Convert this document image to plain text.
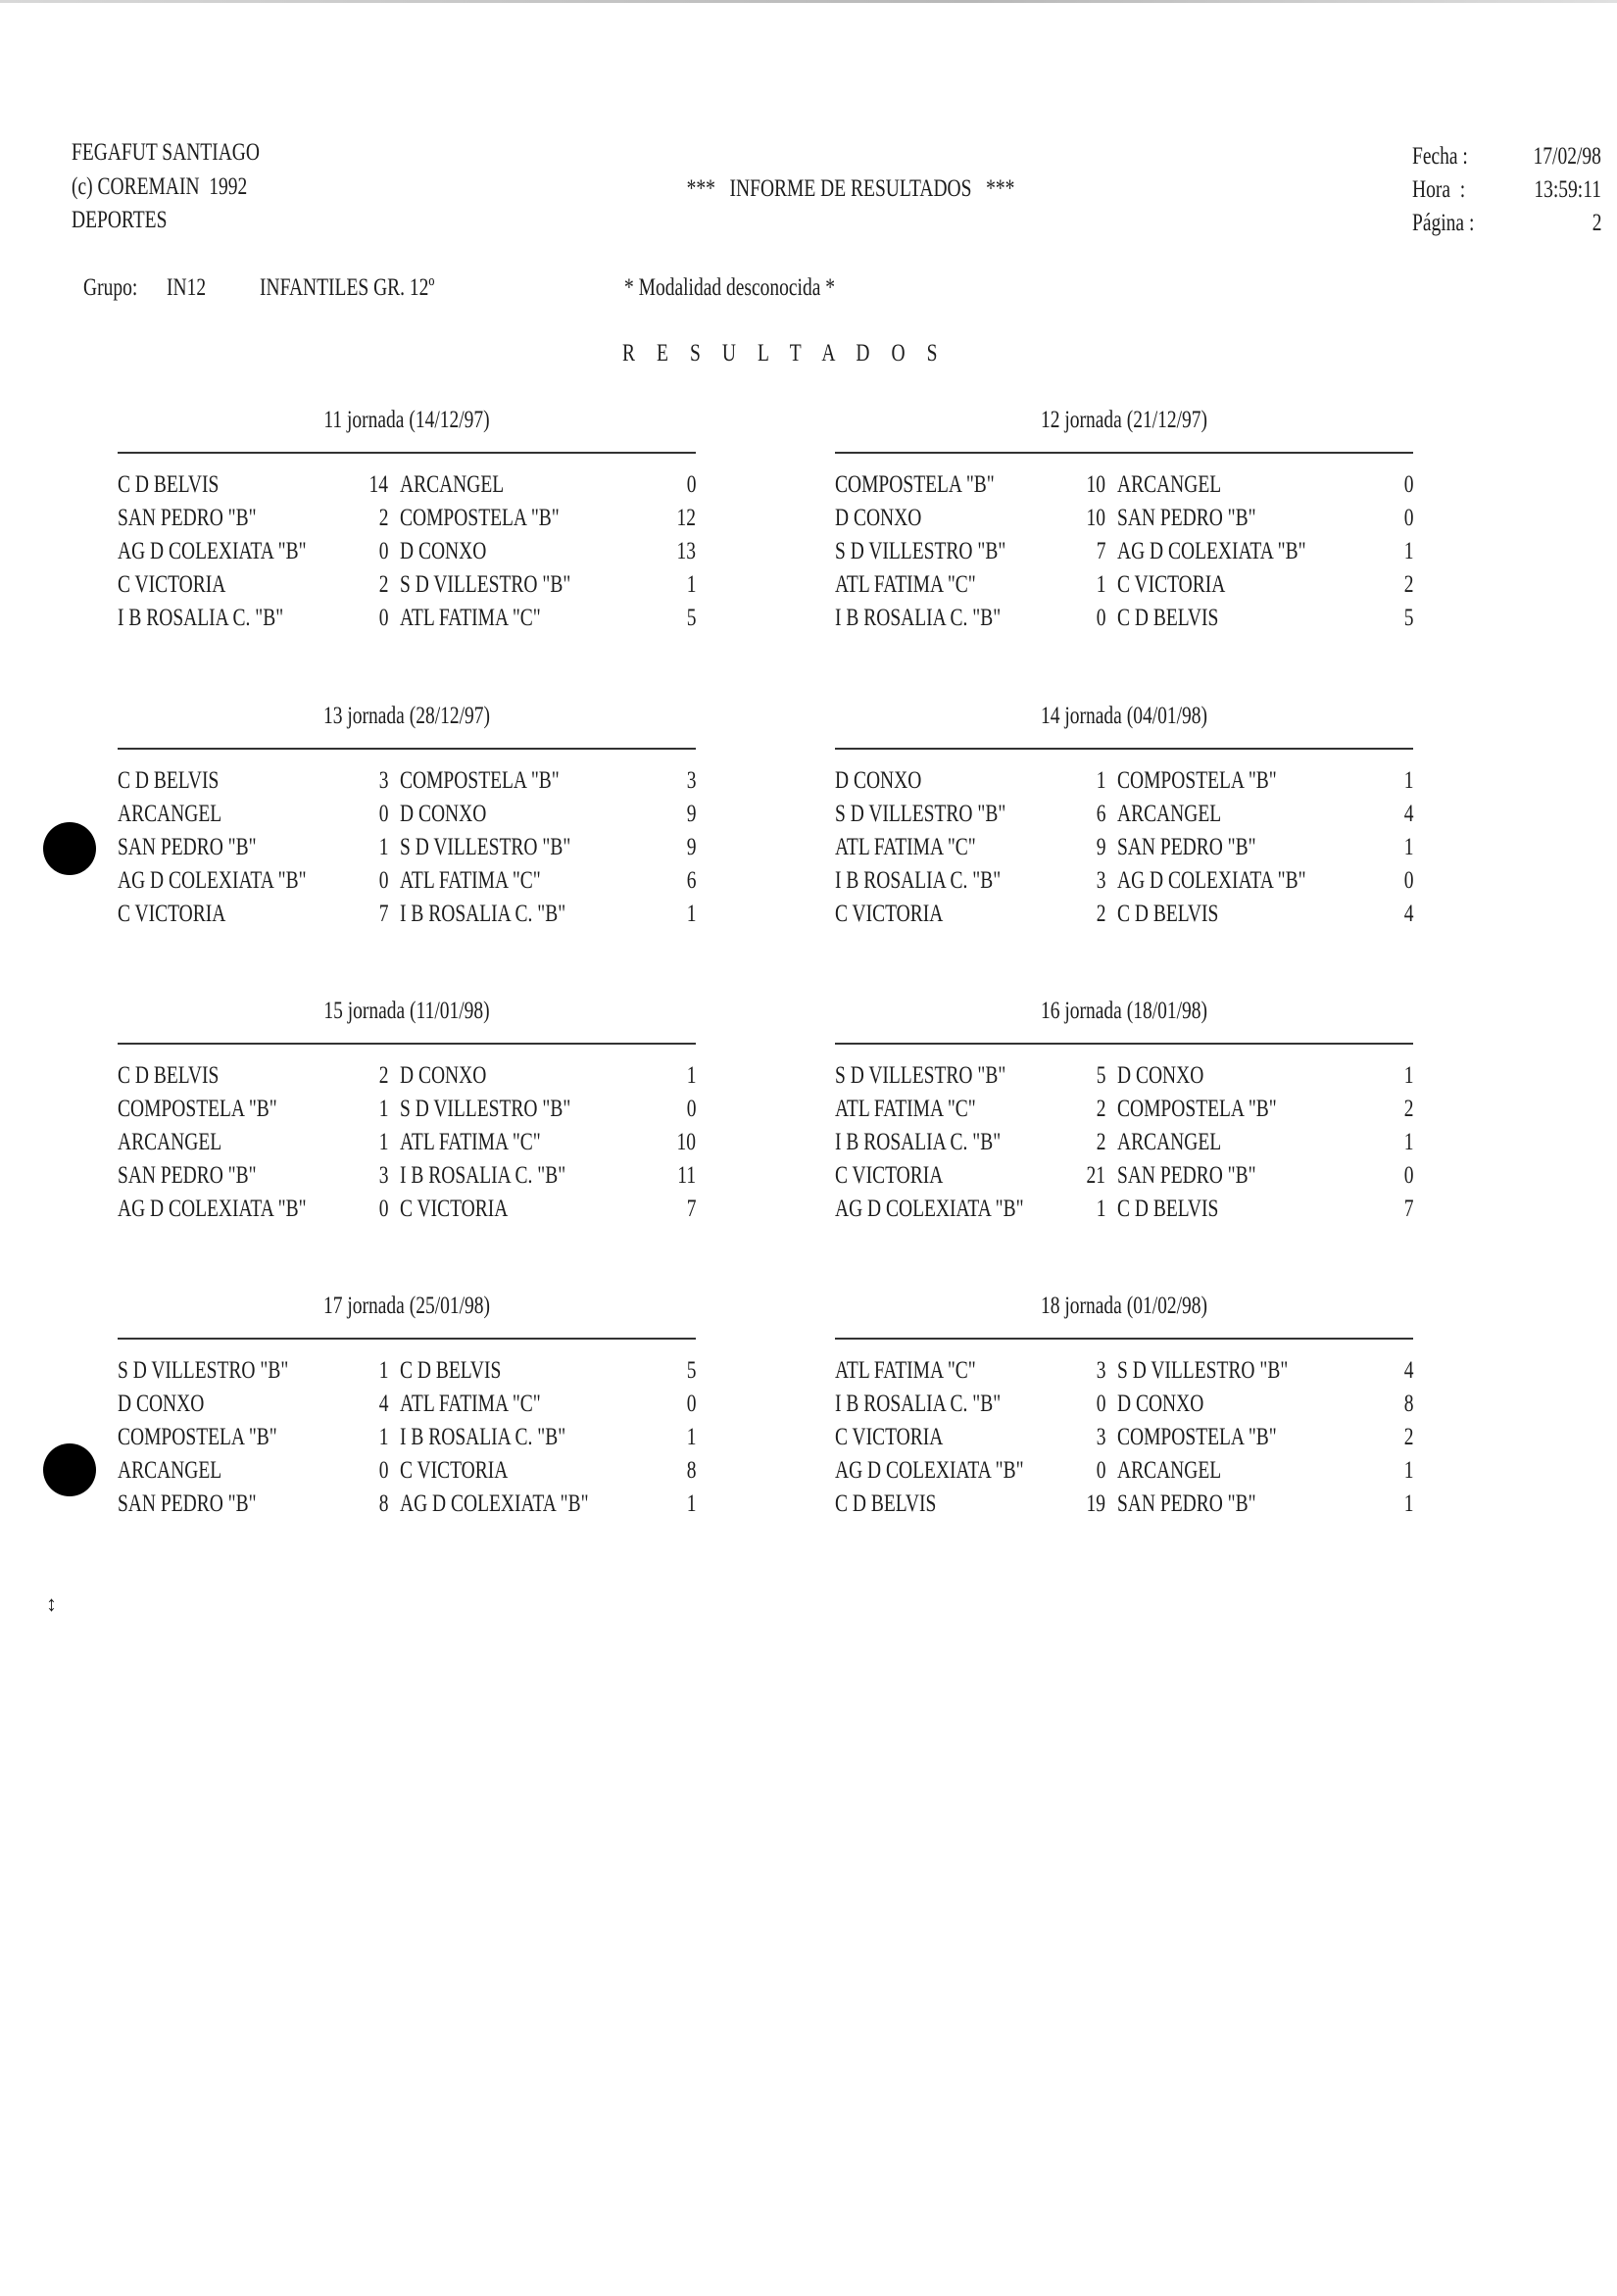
FEGAFUT SANTIAGO
(c) COREMAIN  1992
DEPORTES
***   INFORME DE RESULTADOS   ***
Fecha :	17/02/98
Hora  :	13:59:11
Página :	2
Grupo: IN12 INFANTILES GR. 12º	* Modalidad desconocida *
R E S U L T A D O S
11 jornada (14/12/97)
C D BELVIS	14 ARCANGEL	0
SAN PEDRO "B"	2 COMPOSTELA "B"	12
AG D COLEXIATA "B"	0 D CONXO	13
C VICTORIA	2 S D VILLESTRO "B"	1
I B ROSALIA C. "B"	0 ATL FATIMA "C"	5
12 jornada (21/12/97)
COMPOSTELA "B"	10 ARCANGEL	0
D CONXO	10 SAN PEDRO "B"	0
S D VILLESTRO "B"	7 AG D COLEXIATA "B"	1
ATL FATIMA "C"	1 C VICTORIA	2
I B ROSALIA C. "B"	0 C D BELVIS	5
13 jornada (28/12/97)
C D BELVIS	3 COMPOSTELA "B"	3
ARCANGEL	0 D CONXO	9
SAN PEDRO "B"	1 S D VILLESTRO "B"	9
AG D COLEXIATA "B"	0 ATL FATIMA "C"	6
C VICTORIA	7 I B ROSALIA C. "B"	1
14 jornada (04/01/98)
D CONXO	1 COMPOSTELA "B"	1
S D VILLESTRO "B"	6 ARCANGEL	4
ATL FATIMA "C"	9 SAN PEDRO "B"	1
I B ROSALIA C. "B"	3 AG D COLEXIATA "B"	0
C VICTORIA	2 C D BELVIS	4
15 jornada (11/01/98)
C D BELVIS	2 D CONXO	1
COMPOSTELA "B"	1 S D VILLESTRO "B"	0
ARCANGEL	1 ATL FATIMA "C"	10
SAN PEDRO "B"	3 I B ROSALIA C. "B"	11
AG D COLEXIATA "B"	0 C VICTORIA	7
16 jornada (18/01/98)
S D VILLESTRO "B"	5 D CONXO	1
ATL FATIMA "C"	2 COMPOSTELA "B"	2
I B ROSALIA C. "B"	2 ARCANGEL	1
C VICTORIA	21 SAN PEDRO "B"	0
AG D COLEXIATA "B"	1 C D BELVIS	7
17 jornada (25/01/98)
S D VILLESTRO "B"	1 C D BELVIS	5
D CONXO	4 ATL FATIMA "C"	0
COMPOSTELA "B"	1 I B ROSALIA C. "B"	1
ARCANGEL	0 C VICTORIA	8
SAN PEDRO "B"	8 AG D COLEXIATA "B"	1
18 jornada (01/02/98)
ATL FATIMA "C"	3 S D VILLESTRO "B"	4
I B ROSALIA C. "B"	0 D CONXO	8
C VICTORIA	3 COMPOSTELA "B"	2
AG D COLEXIATA "B"	0 ARCANGEL	1
C D BELVIS	19 SAN PEDRO "B"	1
↕
